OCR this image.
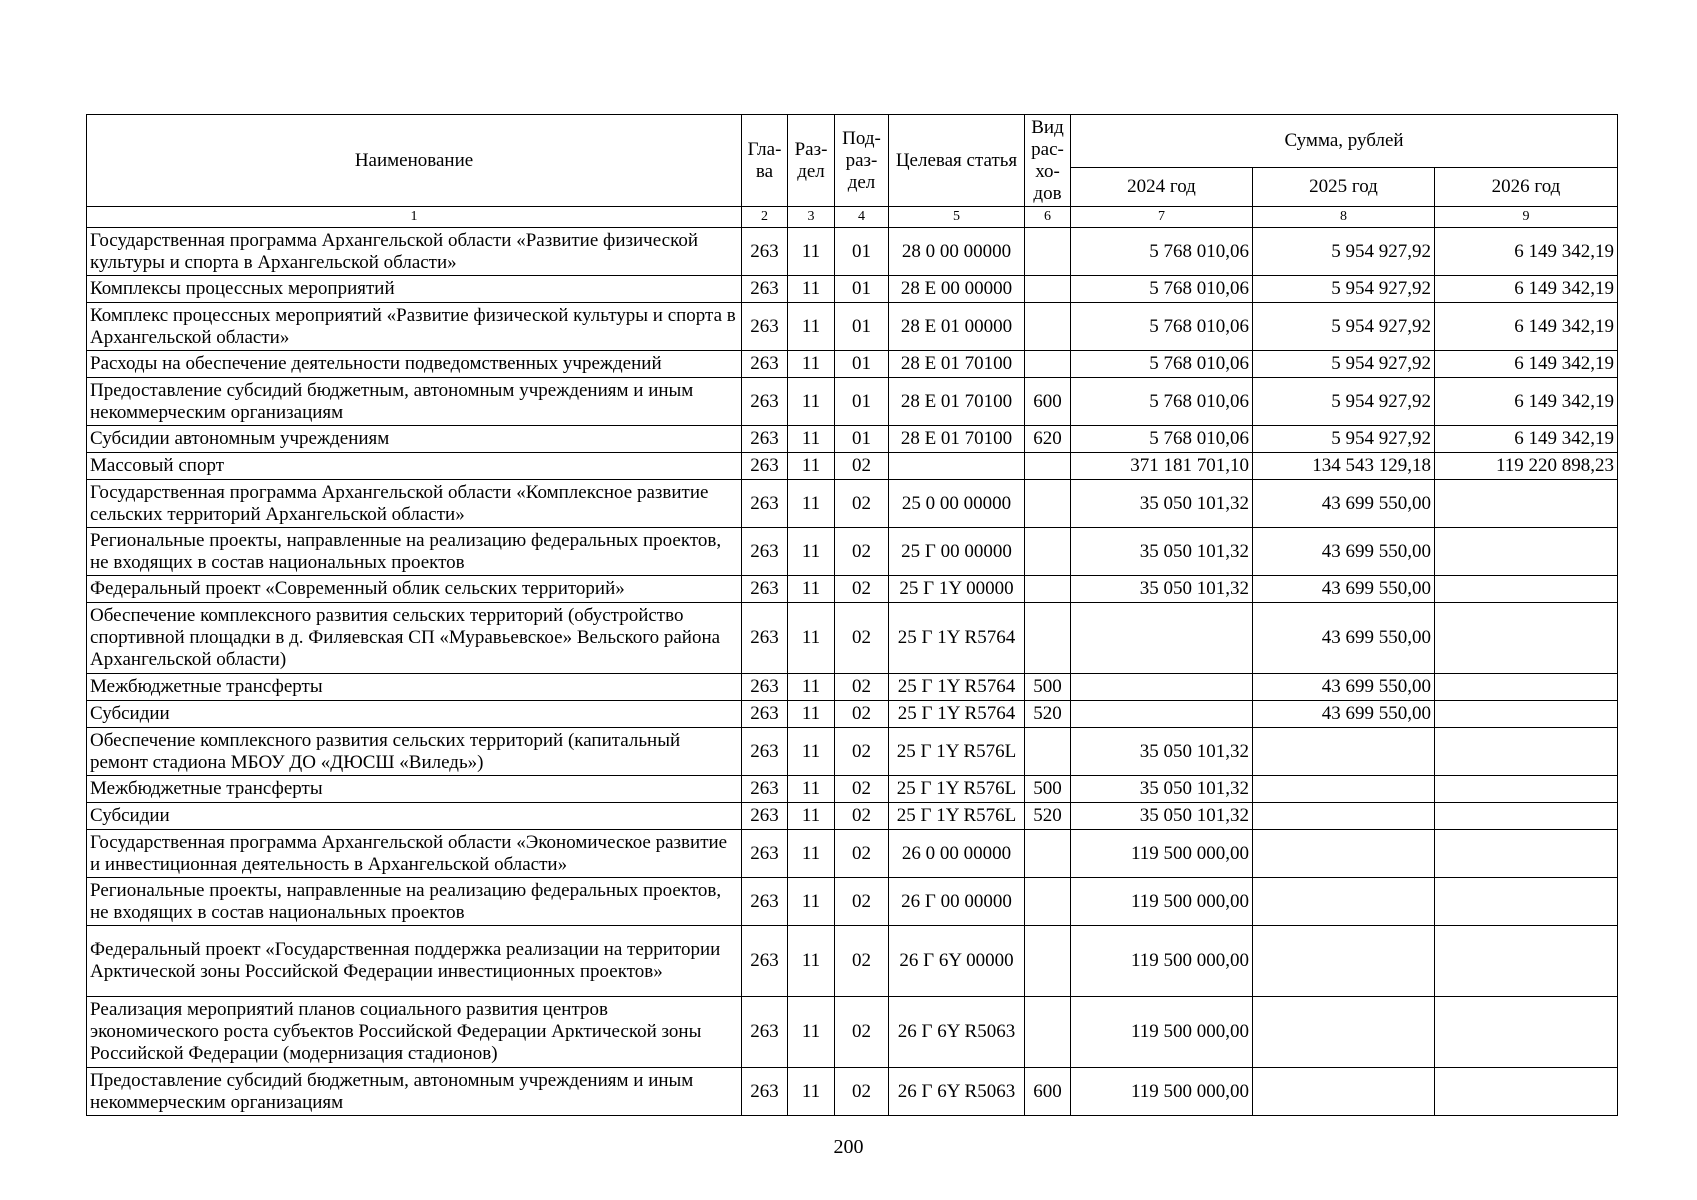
Наименование	Гла-ва	Раз-дел	Под-раз-дел	Целевая статья	Вид рас-хо-дов	Сумма, рублей		
						2024 год	2025 год	2026 год
1	2	3	4	5	6	7	8	9
Государственная программа Архангельской области «Развитие физической культуры и спорта в Архангельской области»	263	11	01	28 0 00 00000		5 768 010,06	5 954 927,92	6 149 342,19
Комплексы процессных мероприятий	263	11	01	28 Е 00 00000		5 768 010,06	5 954 927,92	6 149 342,19
Комплекс процессных мероприятий «Развитие физической культуры и спорта в Архангельской области»	263	11	01	28 Е 01 00000		5 768 010,06	5 954 927,92	6 149 342,19
Расходы на обеспечение деятельности подведомственных учреждений	263	11	01	28 Е 01 70100		5 768 010,06	5 954 927,92	6 149 342,19
Предоставление субсидий бюджетным, автономным учреждениям и иным некоммерческим организациям	263	11	01	28 Е 01 70100	600	5 768 010,06	5 954 927,92	6 149 342,19
Субсидии автономным учреждениям	263	11	01	28 Е 01 70100	620	5 768 010,06	5 954 927,92	6 149 342,19
Массовый спорт	263	11	02			371 181 701,10	134 543 129,18	119 220 898,23
Государственная программа Архангельской области «Комплексное развитие сельских территорий Архангельской области»	263	11	02	25 0 00 00000		35 050 101,32	43 699 550,00	
Региональные проекты, направленные на реализацию федеральных проектов, не входящих в состав национальных проектов	263	11	02	25 Г 00 00000		35 050 101,32	43 699 550,00	
Федеральный проект «Современный облик сельских территорий»	263	11	02	25 Г 1Y 00000		35 050 101,32	43 699 550,00	
Обеспечение комплексного развития сельских территорий (обустройство спортивной площадки в д. Филяевская СП «Муравьевское» Вельского района Архангельской области)	263	11	02	25 Г 1Y R5764			43 699 550,00	
Межбюджетные трансферты	263	11	02	25 Г 1Y R5764	500		43 699 550,00	
Субсидии	263	11	02	25 Г 1Y R5764	520		43 699 550,00	
Обеспечение комплексного развития сельских территорий (капитальный ремонт стадиона МБОУ ДО «ДЮСШ «Виледь»)	263	11	02	25 Г 1Y R576L		35 050 101,32		
Межбюджетные трансферты	263	11	02	25 Г 1Y R576L	500	35 050 101,32		
Субсидии	263	11	02	25 Г 1Y R576L	520	35 050 101,32		
Государственная программа Архангельской области «Экономическое развитие и инвестиционная деятельность в Архангельской области»	263	11	02	26 0 00 00000		119 500 000,00		
Региональные проекты, направленные на реализацию федеральных проектов, не входящих в состав национальных проектов	263	11	02	26 Г 00 00000		119 500 000,00		
Федеральный проект «Государственная поддержка реализации на территории Арктической зоны Российской Федерации инвестиционных проектов»	263	11	02	26 Г 6Y 00000		119 500 000,00		
Реализация мероприятий планов социального развития центров экономического роста субъектов Российской Федерации Арктической зоны Российской Федерации (модернизация стадионов)	263	11	02	26 Г 6Y R5063		119 500 000,00		
Предоставление субсидий бюджетным, автономным учреждениям и иным некоммерческим организациям	263	11	02	26 Г 6Y R5063	600	119 500 000,00		
200
